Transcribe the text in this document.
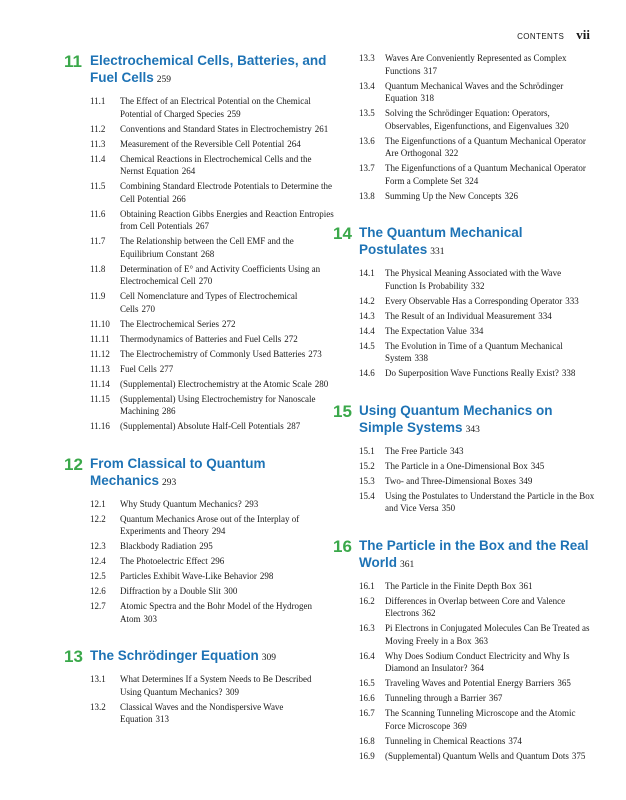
CONTENTS vii
11 Electrochemical Cells, Batteries, and Fuel Cells 259
11.1 The Effect of an Electrical Potential on the Chemical Potential of Charged Species 259
11.2 Conventions and Standard States in Electrochemistry 261
11.3 Measurement of the Reversible Cell Potential 264
11.4 Chemical Reactions in Electrochemical Cells and the Nernst Equation 264
11.5 Combining Standard Electrode Potentials to Determine the Cell Potential 266
11.6 Obtaining Reaction Gibbs Energies and Reaction Entropies from Cell Potentials 267
11.7 The Relationship between the Cell EMF and the Equilibrium Constant 268
11.8 Determination of E° and Activity Coefficients Using an Electrochemical Cell 270
11.9 Cell Nomenclature and Types of Electrochemical Cells 270
11.10 The Electrochemical Series 272
11.11 Thermodynamics of Batteries and Fuel Cells 272
11.12 The Electrochemistry of Commonly Used Batteries 273
11.13 Fuel Cells 277
11.14 (Supplemental) Electrochemistry at the Atomic Scale 280
11.15 (Supplemental) Using Electrochemistry for Nanoscale Machining 286
11.16 (Supplemental) Absolute Half-Cell Potentials 287
12 From Classical to Quantum Mechanics 293
12.1 Why Study Quantum Mechanics? 293
12.2 Quantum Mechanics Arose out of the Interplay of Experiments and Theory 294
12.3 Blackbody Radiation 295
12.4 The Photoelectric Effect 296
12.5 Particles Exhibit Wave-Like Behavior 298
12.6 Diffraction by a Double Slit 300
12.7 Atomic Spectra and the Bohr Model of the Hydrogen Atom 303
13 The Schrödinger Equation 309
13.1 What Determines If a System Needs to Be Described Using Quantum Mechanics? 309
13.2 Classical Waves and the Nondispersive Wave Equation 313
13.3 Waves Are Conveniently Represented as Complex Functions 317
13.4 Quantum Mechanical Waves and the Schrödinger Equation 318
13.5 Solving the Schrödinger Equation: Operators, Observables, Eigenfunctions, and Eigenvalues 320
13.6 The Eigenfunctions of a Quantum Mechanical Operator Are Orthogonal 322
13.7 The Eigenfunctions of a Quantum Mechanical Operator Form a Complete Set 324
13.8 Summing Up the New Concepts 326
14 The Quantum Mechanical Postulates 331
14.1 The Physical Meaning Associated with the Wave Function Is Probability 332
14.2 Every Observable Has a Corresponding Operator 333
14.3 The Result of an Individual Measurement 334
14.4 The Expectation Value 334
14.5 The Evolution in Time of a Quantum Mechanical System 338
14.6 Do Superposition Wave Functions Really Exist? 338
15 Using Quantum Mechanics on Simple Systems 343
15.1 The Free Particle 343
15.2 The Particle in a One-Dimensional Box 345
15.3 Two- and Three-Dimensional Boxes 349
15.4 Using the Postulates to Understand the Particle in the Box and Vice Versa 350
16 The Particle in the Box and the Real World 361
16.1 The Particle in the Finite Depth Box 361
16.2 Differences in Overlap between Core and Valence Electrons 362
16.3 Pi Electrons in Conjugated Molecules Can Be Treated as Moving Freely in a Box 363
16.4 Why Does Sodium Conduct Electricity and Why Is Diamond an Insulator? 364
16.5 Traveling Waves and Potential Energy Barriers 365
16.6 Tunneling through a Barrier 367
16.7 The Scanning Tunneling Microscope and the Atomic Force Microscope 369
16.8 Tunneling in Chemical Reactions 374
16.9 (Supplemental) Quantum Wells and Quantum Dots 375
